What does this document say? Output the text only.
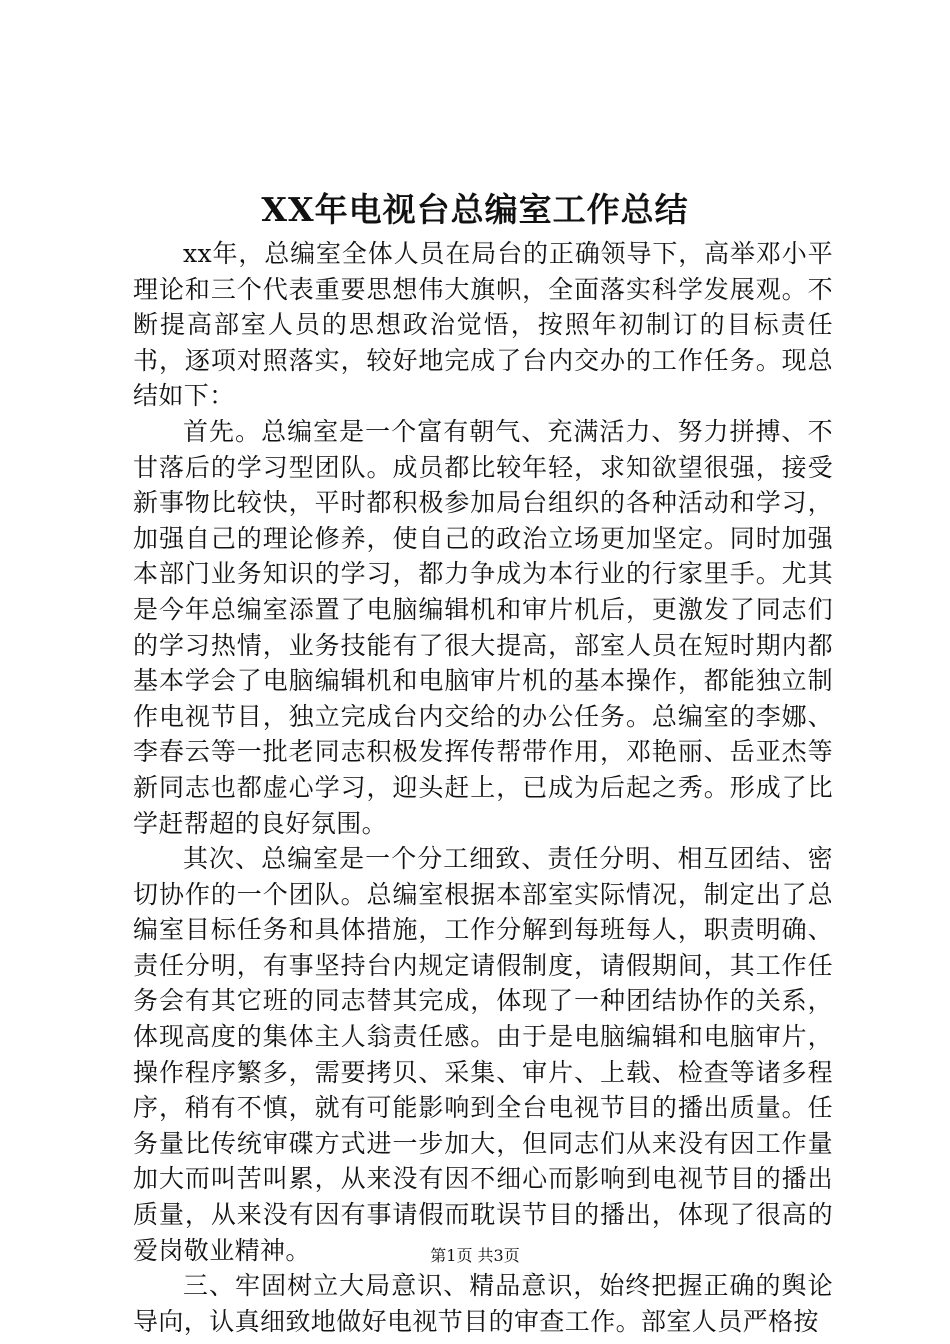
XX年电视台总编室工作总结

xx年，总编室全体人员在局台的正确领导下，高举邓小平理论和三个代表重要思想伟大旗帜，全面落实科学发展观。不断提高部室人员的思想政治觉悟，按照年初制订的目标责任书，逐项对照落实，较好地完成了台内交办的工作任务。现总结如下：

首先。总编室是一个富有朝气、充满活力、努力拼搏、不甘落后的学习型团队。成员都比较年轻，求知欲望很强，接受新事物比较快，平时都积极参加局台组织的各种活动和学习，加强自己的理论修养，使自己的政治立场更加坚定。同时加强本部门业务知识的学习，都力争成为本行业的行家里手。尤其是今年总编室添置了电脑编辑机和审片机后，更激发了同志们的学习热情，业务技能有了很大提高，部室人员在短时期内都基本学会了电脑编辑机和电脑审片机的基本操作，都能独立制作电视节目，独立完成台内交给的办公任务。总编室的李娜、李春云等一批老同志积极发挥传帮带作用，邓艳丽、岳亚杰等新同志也都虚心学习，迎头赶上，已成为后起之秀。形成了比学赶帮超的良好氛围。

其次、总编室是一个分工细致、责任分明、相互团结、密切协作的一个团队。总编室根据本部室实际情况，制定出了总编室目标任务和具体措施，工作分解到每班每人，职责明确、责任分明，有事坚持台内规定请假制度，请假期间，其工作任务会有其它班的同志替其完成，体现了一种团结协作的关系，体现高度的集体主人翁责任感。由于是电脑编辑和电脑审片，操作程序繁多，需要拷贝、采集、审片、上载、检查等诸多程序，稍有不慎，就有可能影响到全台电视节目的播出质量。任务量比传统审碟方式进一步加大，但同志们从来没有因工作量加大而叫苦叫累，从来没有因不细心而影响到电视节目的播出质量，从来没有因有事请假而耽误节目的播出，体现了很高的爱岗敬业精神。

三、牢固树立大局意识、精品意识，始终把握正确的舆论导向，认真细致地做好电视节目的审查工作。部室人员严格按

第1页 共3页
